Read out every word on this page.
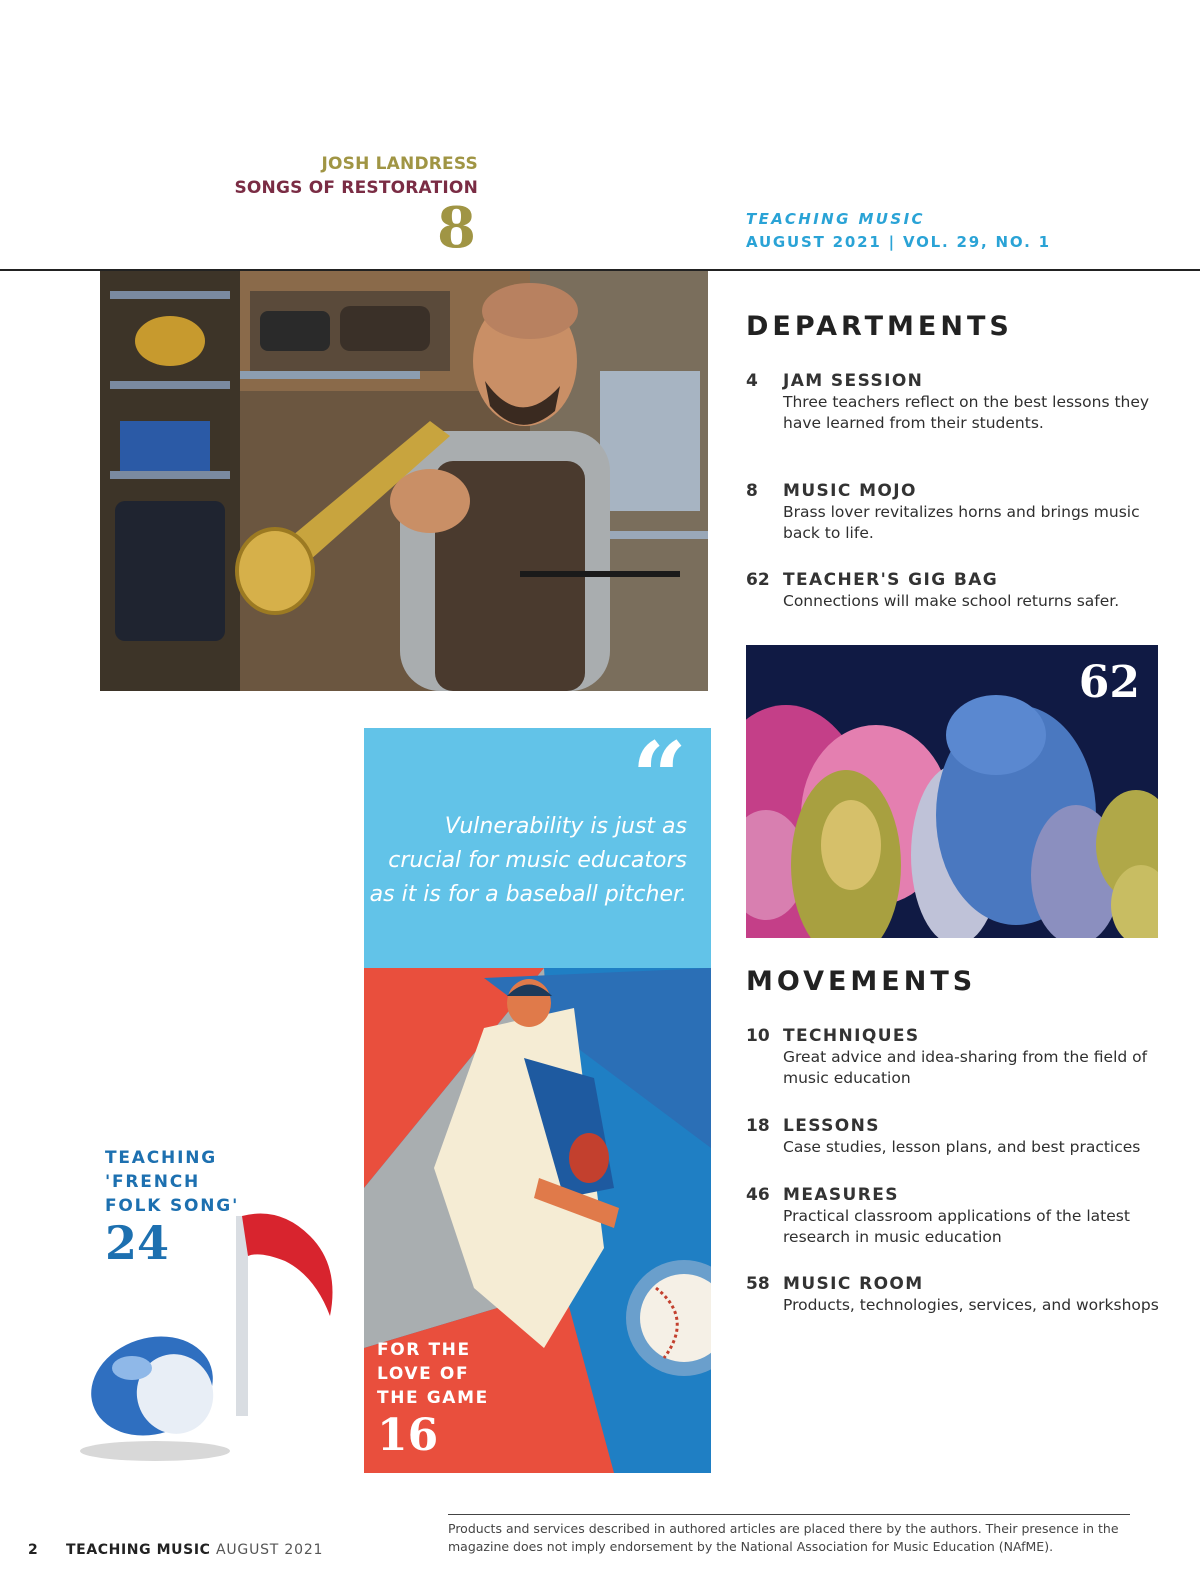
JOSH LANDRESS
SONGS OF RESTORATION
8	TEACHING MUSIC
AUGUST 2021 | VOL. 29, NO. 1
DEPARTMENTS
4 JAM SESSION
Three teachers reflect on the best lessons they have learned from their students.
8 MUSIC MOJO
Brass lover revitalizes horns and brings music back to life.
62 TEACHER'S GIG BAG
Connections will make school returns safer.
62
MOVEMENTS
10 TECHNIQUES
Great advice and idea-sharing from the field of music education
18 LESSONS
Case studies, lesson plans, and best practices
46 MEASURES
Practical classroom applications of the latest research in music education
58 MUSIC ROOM
Products, technologies, services, and workshops
“
Vulnerability is just as crucial for music educators as it is for a baseball pitcher.
FOR THE
LOVE OF
THE GAME
16
TEACHING
'FRENCH
FOLK SONG'
24
Products and services described in authored articles are placed there by the authors. Their presence in the magazine does not imply endorsement by the National Association for Music Education (NAfME).
2 TEACHING MUSIC AUGUST 2021
